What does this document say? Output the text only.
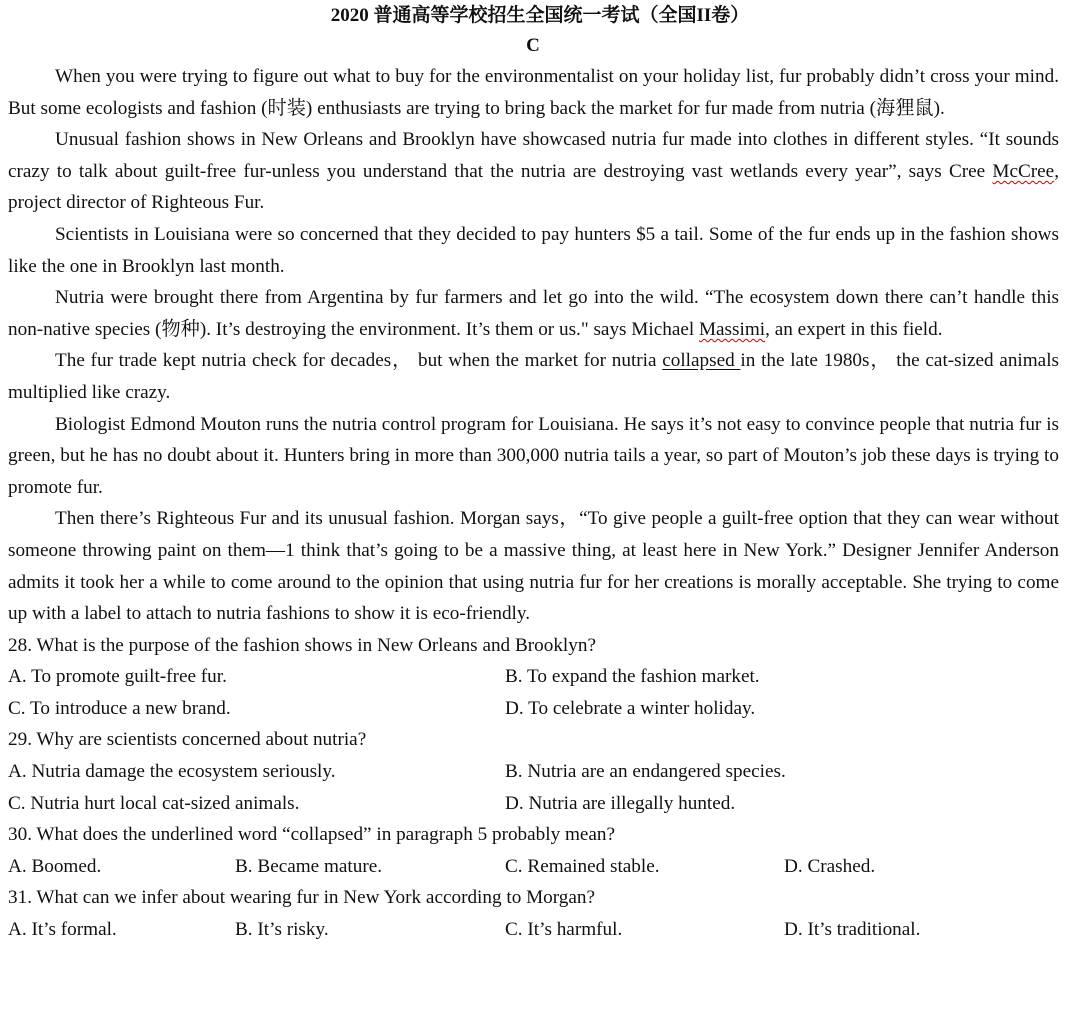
2020 普通高等学校招生全国统一考试（全国II卷）
C

When you were trying to figure out what to buy for the environmentalist on your holiday list, fur probably didn’t cross your mind. But some ecologists and fashion (时装) enthusiasts are trying to bring back the market for fur made from nutria (海狸鼠).

Unusual fashion shows in New Orleans and Brooklyn have showcased nutria fur made into clothes in different styles. “It sounds crazy to talk about guilt-free fur-unless you understand that the nutria are destroying vast wetlands every year”, says Cree McCree, project director of Righteous Fur.

Scientists in Louisiana were so concerned that they decided to pay hunters $5 a tail. Some of the fur ends up in the fashion shows like the one in Brooklyn last month.

Nutria were brought there from Argentina by fur farmers and let go into the wild. “The ecosystem down there can’t handle this non-native species (物种). It’s destroying the environment. It’s them or us." says Michael Massimi, an expert in this field.

The fur trade kept nutria check for decades， but when the market for nutria collapsed in the late 1980s， the cat-sized animals multiplied like crazy.

Biologist Edmond Mouton runs the nutria control program for Louisiana. He says it’s not easy to convince people that nutria fur is green, but he has no doubt about it. Hunters bring in more than 300,000 nutria tails a year, so part of Mouton’s job these days is trying to promote fur.

Then there’s Righteous Fur and its unusual fashion. Morgan says，“To give people a guilt-free option that they can wear without someone throwing paint on them—1 think that’s going to be a massive thing, at least here in New York.” Designer Jennifer Anderson admits it took her a while to come around to the opinion that using nutria fur for her creations is morally acceptable. She trying to come up with a label to attach to nutria fashions to show it is eco-friendly.

28. What is the purpose of the fashion shows in New Orleans and Brooklyn?

A. To promote guilt-free fur.	B. To expand the fashion market.
C. To introduce a new brand.	D. To celebrate a winter holiday.

29. Why are scientists concerned about nutria?

A. Nutria damage the ecosystem seriously.	B. Nutria are an endangered species.
C. Nutria hurt local cat-sized animals.	D. Nutria are illegally hunted.

30. What does the underlined word “collapsed” in paragraph 5 probably mean?

A. Boomed.	B. Became mature.	C. Remained stable.	D. Crashed.

31. What can we infer about wearing fur in New York according to Morgan?

A. It’s formal.	B. It’s risky.	C. It’s harmful.	D. It’s traditional.
